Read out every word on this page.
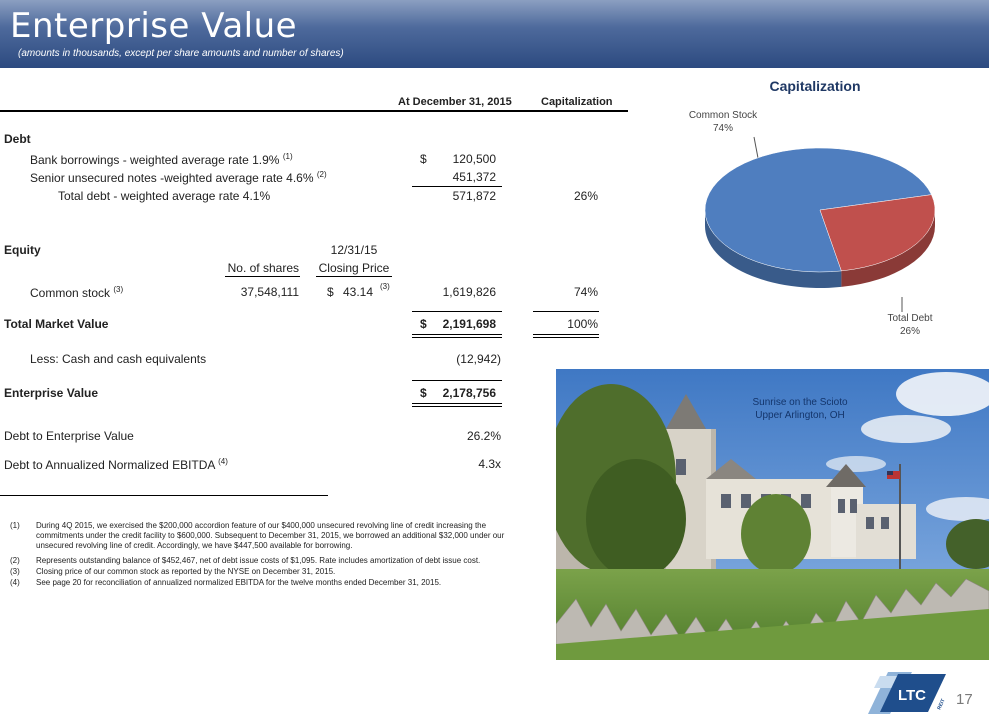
Enterprise Value
(amounts in thousands, except per share amounts and number of shares)
At December 31, 2015	Capitalization
Debt
Bank borrowings - weighted average rate 1.9% $^{(1)}$	$	120,500
Senior unsecured notes -weighted average rate 4.6% $^{(2)}$	451,372
Total debt - weighted average rate 4.1%	571,872	26%
Equity	12/31/15
No. of shares Closing Price
Common stock $^{(3)}$	37,548,111 $ 43.14 (3)	1,619,826	74%
Total Market Value	$	2,191,698	100%
Less: Cash and cash equivalents	(12,942)
Enterprise Value	$	2,178,756
Debt to Enterprise Value	26.2%
Debt to Annualized Normalized EBITDA $^{(4)}$	4.3x
(1) During 4Q 2015, we exercised the $200,000 accordion feature of our $400,000 unsecured revolving line of credit increasing the commitments under the credit facility to $600,000. Subsequent to December 31, 2015, we borrowed an additional $32,000 under our unsecured revolving line of credit. Accordingly, we have $447,500 available for borrowing.
(2) Represents outstanding balance of $452,467, net of debt issue costs of $1,095. Rate includes amortization of debt issue cost.
(3) Closing price of our common stock as reported by the NYSE on December 31, 2015.
(4) See page 20 for reconciliation of annualized normalized EBITDA for the twelve months ended December 31, 2015.
Capitalization
Common Stock
74%
Total Debt
26%
Sunrise on the Scioto
Upper Arlington, OH
LTC
REIT 17
